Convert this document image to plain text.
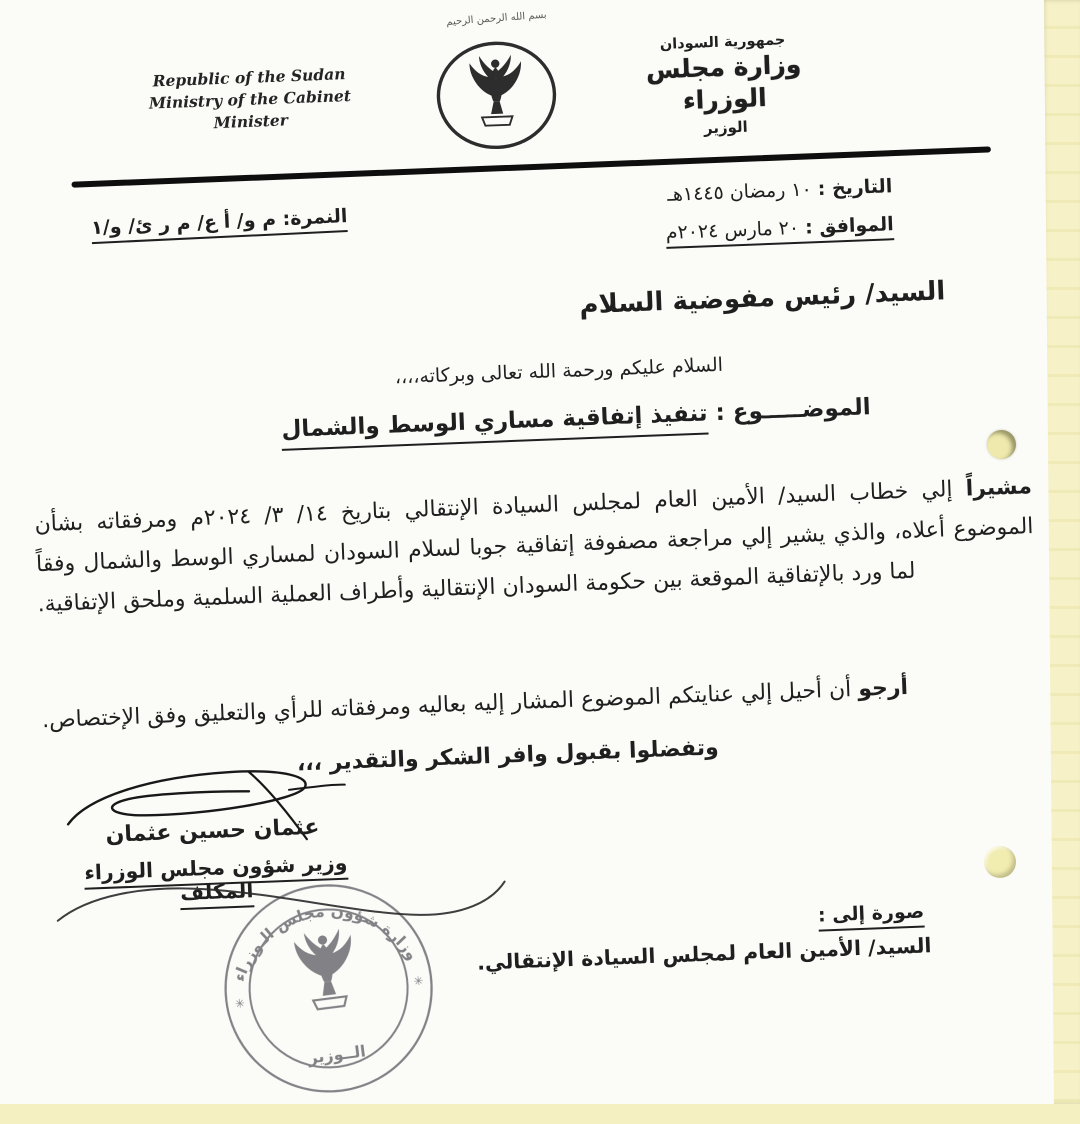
Republic of the Sudan
Ministry of the Cabinet
Minister
بسم الله الرحمن الرحيم
جمهورية السودان
وزارة مجلس الوزراء
الوزير
التاريخ : ١٠ رمضان ١٤٤٥هـ
الموافق : ٢٠ مارس ٢٠٢٤م
النمرة: م و/ أ ع/ م ر ئ/ و/١
السيد/ رئيس مفوضية السلام
السلام عليكم ورحمة الله تعالى وبركاته،،،،
الموضـــــوع : تنفيذ إتفاقية مساري الوسط والشمال
مشيراً إلي خطاب السيد/ الأمين العام لمجلس السيادة الإنتقالي بتاريخ ١٤/ ٣/ ٢٠٢٤م ومرفقاته بشأن الموضوع أعلاه، والذي يشير إلي مراجعة مصفوفة إتفاقية جوبا لسلام السودان لمساري الوسط والشمال وفقاً لما ورد بالإتفاقية الموقعة بين حكومة السودان الإنتقالية وأطراف العملية السلمية وملحق الإتفاقية.
أرجو أن أحيل إلي عنايتكم الموضوع المشار إليه بعاليه ومرفقاته للرأي والتعليق وفق الإختصاص.
وتفضلوا بقبول وافر الشكر والتقدير ،،،
عثمان حسين عثمان
وزير شؤون مجلس الوزراء المكلف
وزارة شؤون مجلس الـوزراء
✳
✳
الــوزير
صورة إلى :
السيد/ الأمين العام لمجلس السيادة الإنتقالي.
